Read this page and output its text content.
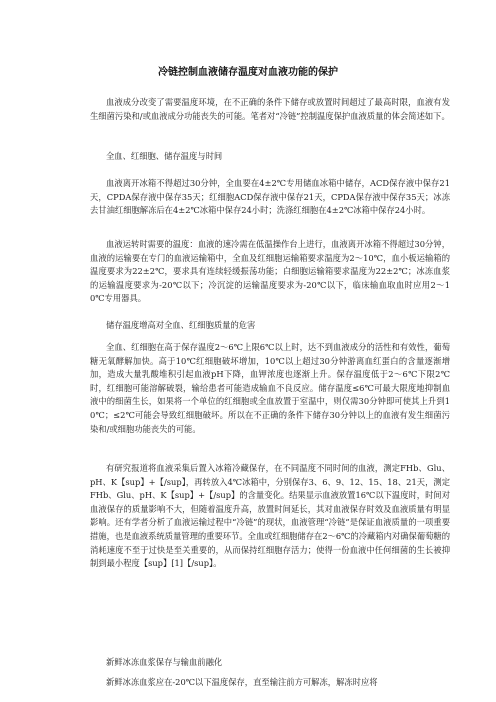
冷链控制血液储存温度对血液功能的保护
血液成分改变了需要温度环境，在不正确的条件下储存或放置时间超过了最高时限，血液有发生细菌污染和/或血液成分功能丧失的可能。笔者对“冷链”控制温度保护血液质量的体会简述如下。
全血、红细胞、储存温度与时间
血液离开冰箱不得超过30分钟，全血要在4±2℃专用储血冰箱中储存，ACD保存液中保存21天，CPDA保存液中保存35天；红细胞ACD保存液中保存21天，CPDA保存液中保存35天；冰冻去甘油红细胞解冻后在4±2℃冰箱中保存24小时；洗涤红细胞在4±2℃冰箱中保存24小时。
血液运转时需要的温度：血液的速冷需在低温操作台上进行，血液离开冰箱不得超过30分钟，血液的运输要在专门的血液运输箱中，全血及红细胞运输箱要求温度为2～10℃，血小板运输箱的温度要求为22±2℃，要求具有连续轻缓振荡功能；白细胞运输箱要求温度为22±2℃；冰冻血浆的运输温度要求为-20℃以下；冷沉淀的运输温度要求为-20℃以下，临床输血取血时应用2～10℃专用器具。
储存温度增高对全血、红细胞质量的危害
全血、红细胞在高于保存温度2～6℃上限6℃以上时，达不到血液成分的活性和有效性，葡萄糖无氧酵解加快。高于10℃红细胞破坏增加，10℃以上超过30分钟游离血红蛋白的含量逐渐增加，造成大量乳酸堆积引起血液pH下降，血钾浓度也逐渐上升。保存温度低于2～6℃下限2℃时，红细胞可能溶解破裂，输给患者可能造成输血不良反应。储存温度≤6℃可最大限度地抑制血液中的细菌生长，如果将一个单位的红细胞或全血放置于室温中，则仅需30分钟即可使其上升到10℃；≤2℃可能会导致红细胞破坏。所以在不正确的条件下储存30分钟以上的血液有发生细菌污染和/或细胞功能丧失的可能。
有研究报道将血液采集后置入冰箱冷藏保存，在不同温度不同时间的血液，测定FHb、Glu、pH、K【sup】+【/sup】，再转放入4℃冰箱中，分别保存3、6、9、12、15、18、21天，测定FHb、Glu、pH、K【sup】+【/sup】的含量变化。结果显示血液放置16℃以下温度时，时间对血液保存的质量影响不大，但随着温度升高，放置时间延长，其对血液保存时效及血液质量有明显影响。还有学者分析了血液运输过程中“冷链”的现状，血液管理“冷链”是保证血液质量的一项重要措施，也是血液系统质量管理的重要环节。全血或红细胞储存在2～6℃的冷藏箱内对确保葡萄糖的消耗速度不至于过快是至关重要的，从而保持红细胞存活力；使得一份血液中任何细菌的生长被抑制到最小程度【sup】[1]【/sup】。
新鲜冰冻血浆保存与输血前融化
新鲜冰冻血浆应在-20℃以下温度保存，直至输注前方可解冻，解冻时应将
